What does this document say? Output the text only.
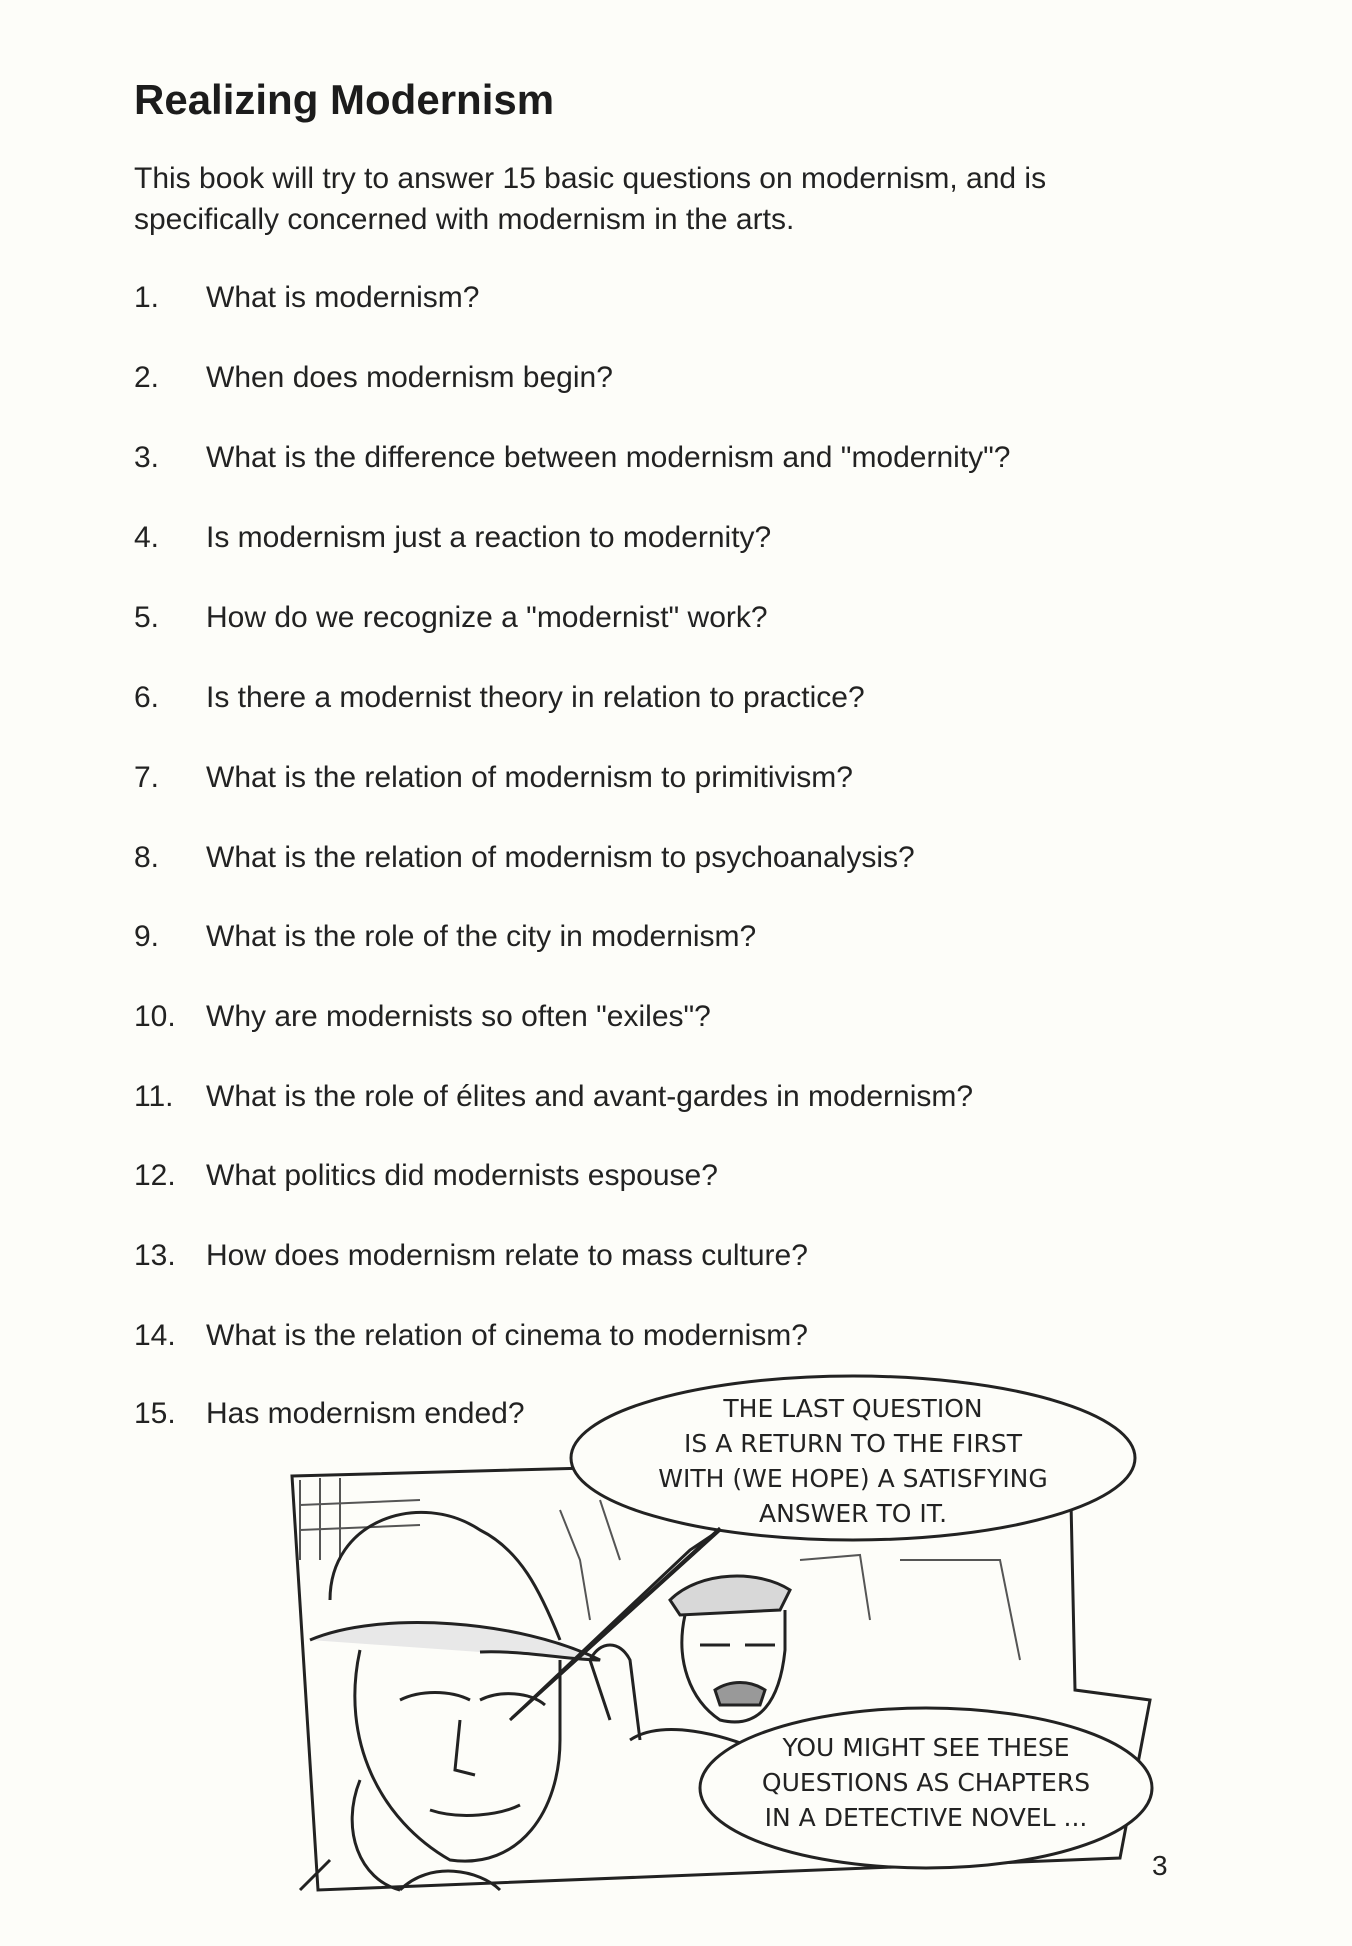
Realizing Modernism

This book will try to answer 15 basic questions on modernism, and is specifically concerned with modernism in the arts.

1. What is modernism?
2. When does modernism begin?
3. What is the difference between modernism and "modernity"?
4. Is modernism just a reaction to modernity?
5. How do we recognize a "modernist" work?
6. Is there a modernist theory in relation to practice?
7. What is the relation of modernism to primitivism?
8. What is the relation of modernism to psychoanalysis?
9. What is the role of the city in modernism?
10. Why are modernists so often "exiles"?
11. What is the role of élites and avant-gardes in modernism?
12. What politics did modernists espouse?
13. How does modernism relate to mass culture?
14. What is the relation of cinema to modernism?
15. Has modernism ended?	THE LAST QUESTION
IS A RETURN TO THE FIRST
WITH (WE HOPE) A SATISFYING
ANSWER TO IT.
YOU MIGHT SEE THESE
QUESTIONS AS CHAPTERS
IN A DETECTIVE NOVEL ...
3
